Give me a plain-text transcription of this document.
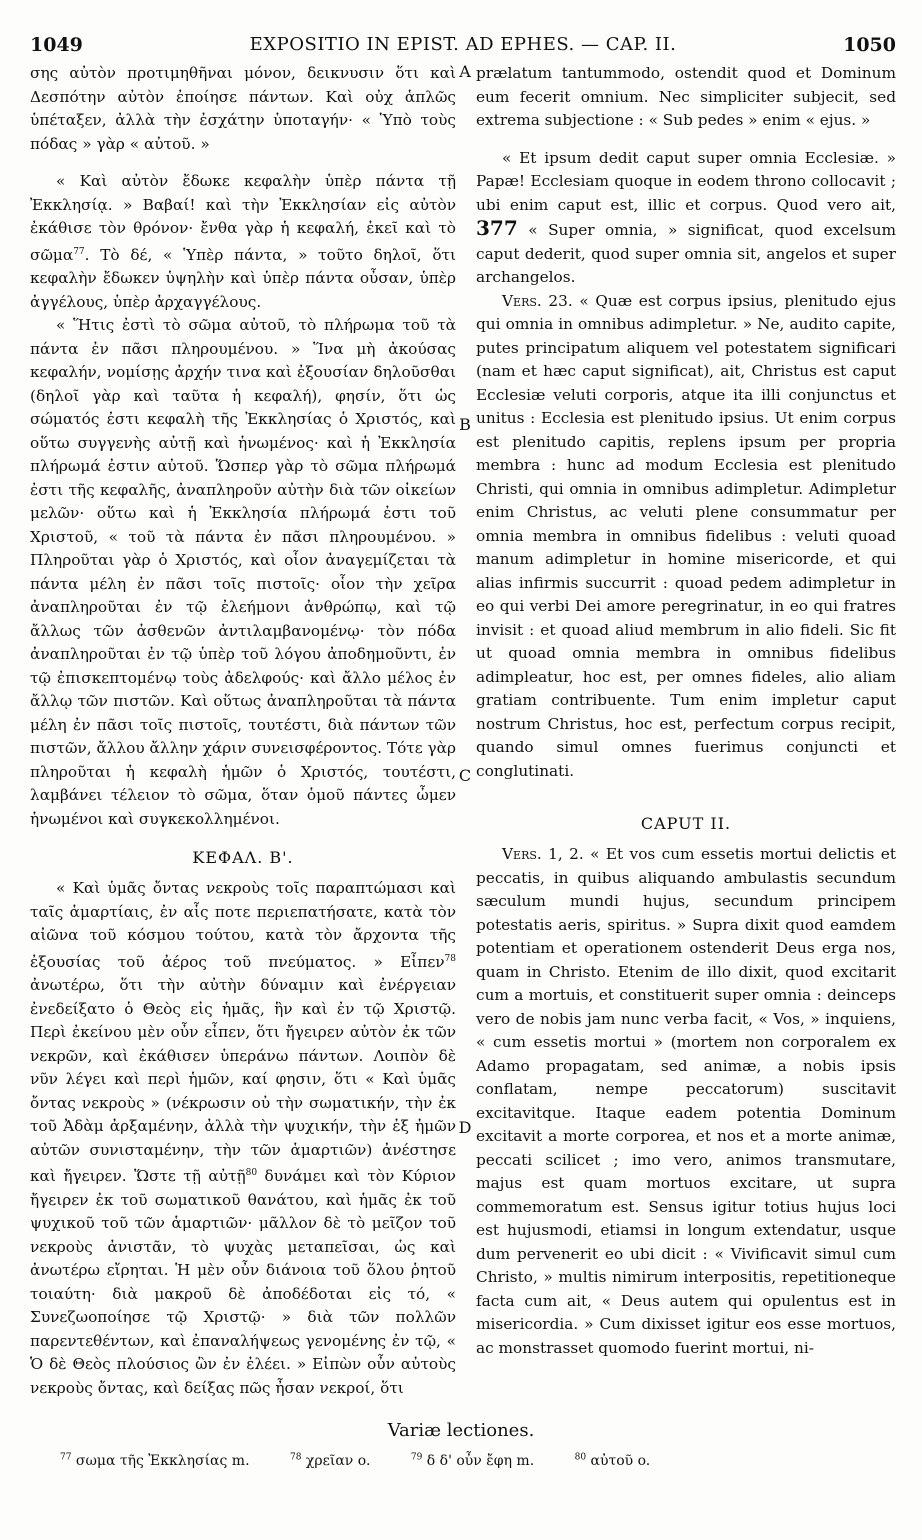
1049	EXPOSITIO IN EPIST. AD EPHES. — CAP. II.	1050
A
B
C
D

σης αὐτὸν προτιμηθῆναι μόνον, δεικνυσιν ὅτι καὶ Δεσπότην αὐτὸν ἐποίησε πάντων. Καὶ οὐχ ἁπλῶς ὑπέταξεν, ἀλλὰ τὴν ἐσχάτην ὑποταγήν· « Ὑπὸ τοὺς πόδας » γὰρ « αὐτοῦ. »

« Καὶ αὐτὸν ἔδωκε κεφαλὴν ὑπὲρ πάντα τῇ Ἐκκλησίᾳ. » Βαβαί! καὶ τὴν Ἐκκλησίαν εἰς αὐτὸν ἐκάθισε τὸν θρόνον· ἔνθα γὰρ ἡ κεφαλή, ἐκεῖ καὶ τὸ σῶμα$^{77}$. Τὸ δέ, « Ὑπὲρ πάντα, » τοῦτο δηλοῖ, ὅτι κεφαλὴν ἔδωκεν ὑψηλὴν καὶ ὑπὲρ πάντα οὖσαν, ὑπὲρ ἀγγέλους, ὑπὲρ ἀρχαγγέλους.

« Ἥτις ἐστὶ τὸ σῶμα αὐτοῦ, τὸ πλήρωμα τοῦ τὰ πάντα ἐν πᾶσι πληρουμένου. » Ἵνα μὴ ἀκούσας κεφαλήν, νομίσῃς ἀρχήν τινα καὶ ἐξουσίαν δηλοῦσθαι (δηλοῖ γὰρ καὶ ταῦτα ἡ κεφαλή), φησίν, ὅτι ὡς σώματός ἐστι κεφαλὴ τῆς Ἐκκλησίας ὁ Χριστός, καὶ οὕτω συγγενὴς αὐτῇ καὶ ἡνωμένος· καὶ ἡ Ἐκκλησία πλήρωμά ἐστιν αὐτοῦ. Ὥσπερ γὰρ τὸ σῶμα πλήρωμά ἐστι τῆς κεφαλῆς, ἀναπληροῦν αὐτὴν διὰ τῶν οἰκείων μελῶν· οὕτω καὶ ἡ Ἐκκλησία πλήρωμά ἐστι τοῦ Χριστοῦ, « τοῦ τὰ πάντα ἐν πᾶσι πληρουμένου. » Πληροῦται γὰρ ὁ Χριστός, καὶ οἷον ἀναγεμίζεται τὰ πάντα μέλη ἐν πᾶσι τοῖς πιστοῖς· οἷον τὴν χεῖρα ἀναπληροῦται ἐν τῷ ἐλεήμονι ἀνθρώπῳ, καὶ τῷ ἄλλως τῶν ἀσθενῶν ἀντιλαμβανομένῳ· τὸν πόδα ἀναπληροῦται ἐν τῷ ὑπὲρ τοῦ λόγου ἀποδημοῦντι, ἐν τῷ ἐπισκεπτομένῳ τοὺς ἀδελφούς· καὶ ἄλλο μέλος ἐν ἄλλῳ τῶν πιστῶν. Καὶ οὕτως ἀναπληροῦται τὰ πάντα μέλη ἐν πᾶσι τοῖς πιστοῖς, τουτέστι, διὰ πάντων τῶν πιστῶν, ἄλλου ἄλλην χάριν συνεισφέροντος. Τότε γὰρ πληροῦται ἡ κεφαλὴ ἡμῶν ὁ Χριστός, τουτέστι, λαμβάνει τέλειον τὸ σῶμα, ὅταν ὁμοῦ πάντες ὦμεν ἡνωμένοι καὶ συγκεκολλημένοι.

ΚΕΦΑΛ. Β'.

« Καὶ ὑμᾶς ὄντας νεκροὺς τοῖς παραπτώμασι καὶ ταῖς ἁμαρτίαις, ἐν αἷς ποτε περιεπατήσατε, κατὰ τὸν αἰῶνα τοῦ κόσμου τούτου, κατὰ τὸν ἄρχοντα τῆς ἐξουσίας τοῦ ἀέρος τοῦ πνεύματος. » Εἶπεν$^{78}$ ἀνωτέρω, ὅτι τὴν αὐτὴν δύναμιν καὶ ἐνέργειαν ἐνεδείξατο ὁ Θεὸς εἰς ἡμᾶς, ἣν καὶ ἐν τῷ Χριστῷ. Περὶ ἐκείνου μὲν οὖν εἶπεν, ὅτι ἤγειρεν αὐτὸν ἐκ τῶν νεκρῶν, καὶ ἐκάθισεν ὑπεράνω πάντων. Λοιπὸν δὲ νῦν λέγει καὶ περὶ ἡμῶν, καί φησιν, ὅτι « Καὶ ὑμᾶς ὄντας νεκροὺς » (νέκρωσιν οὐ τὴν σωματικήν, τὴν ἐκ τοῦ Ἀδὰμ ἀρξαμένην, ἀλλὰ τὴν ψυχικήν, τὴν ἐξ ἡμῶν αὐτῶν συνισταμένην, τὴν τῶν ἁμαρτιῶν) ἀνέστησε καὶ ἤγειρεν. Ὥστε τῇ αὐτῇ$^{80}$ δυνάμει καὶ τὸν Κύριον ἤγειρεν ἐκ τοῦ σωματικοῦ θανάτου, καὶ ἡμᾶς ἐκ τοῦ ψυχικοῦ τοῦ τῶν ἁμαρτιῶν· μᾶλλον δὲ τὸ μεῖζον τοῦ νεκροὺς ἀνιστᾶν, τὸ ψυχὰς μεταπεῖσαι, ὡς καὶ ἀνωτέρω εἴρηται. Ἡ μὲν οὖν διάνοια τοῦ ὅλου ῥητοῦ τοιαύτη· διὰ μακροῦ δὲ ἀποδέδοται εἰς τό, « Συνεζωοποίησε τῷ Χριστῷ· » διὰ τῶν πολλῶν παρεντεθέντων, καὶ ἐπαναλήψεως γενομένης ἐν τῷ, « Ὁ δὲ Θεὸς πλούσιος ὢν ἐν ἐλέει. » Εἰπὼν οὖν αὐτοὺς νεκροὺς ὄντας, καὶ δείξας πῶς ἦσαν νεκροί, ὅτι

prælatum tantummodo, ostendit quod et Dominum eum fecerit omnium. Nec simpliciter subjecit, sed extrema subjectione : « Sub pedes » enim « ejus. »

« Et ipsum dedit caput super omnia Ecclesiæ. » Papæ! Ecclesiam quoque in eodem throno collocavit ; ubi enim caput est, illic et corpus. Quod vero ait, 377 « Super omnia, » significat, quod excelsum caput dederit, quod super omnia sit, angelos et super archangelos.

Vers. 23. « Quæ est corpus ipsius, plenitudo ejus qui omnia in omnibus adimpletur. » Ne, audito capite, putes principatum aliquem vel potestatem significari (nam et hæc caput significat), ait, Christus est caput Ecclesiæ veluti corporis, atque ita illi conjunctus et unitus : Ecclesia est plenitudo ipsius. Ut enim corpus est plenitudo capitis, replens ipsum per propria membra : hunc ad modum Ecclesia est plenitudo Christi, qui omnia in omnibus adimpletur. Adimpletur enim Christus, ac veluti plene consummatur per omnia membra in omnibus fidelibus : veluti quoad manum adimpletur in homine misericorde, et qui alias infirmis succurrit : quoad pedem adimpletur in eo qui verbi Dei amore peregrinatur, in eo qui fratres invisit : et quoad aliud membrum in alio fideli. Sic fit ut quoad omnia membra in omnibus fidelibus adimpleatur, hoc est, per omnes fideles, alio aliam gratiam contribuente. Tum enim impletur caput nostrum Christus, hoc est, perfectum corpus recipit, quando simul omnes fuerimus conjuncti et conglutinati.

CAPUT II.

Vers. 1, 2. « Et vos cum essetis mortui delictis et peccatis, in quibus aliquando ambulastis secundum sæculum mundi hujus, secundum principem potestatis aeris, spiritus. » Supra dixit quod eamdem potentiam et operationem ostenderit Deus erga nos, quam in Christo. Etenim de illo dixit, quod excitarit cum a mortuis, et constituerit super omnia : deinceps vero de nobis jam nunc verba facit, « Vos, » inquiens, « cum essetis mortui » (mortem non corporalem ex Adamo propagatam, sed animæ, a nobis ipsis conflatam, nempe peccatorum) suscitavit excitavitque. Itaque eadem potentia Dominum excitavit a morte corporea, et nos et a morte animæ, peccati scilicet ; imo vero, animos transmutare, majus est quam mortuos excitare, ut supra commemoratum est. Sensus igitur totius hujus loci est hujusmodi, etiamsi in longum extendatur, usque dum pervenerit eo ubi dicit : « Vivificavit simul cum Christo, » multis nimirum interpositis, repetitioneque facta cum ait, « Deus autem qui opulentus est in misericordia. » Cum dixisset igitur eos esse mortuos, ac monstrasset quomodo fuerint mortui, ni-

Variæ lectiones.
$^{77}$ σωμα τῆς Ἐκκλησίας m.	$^{78}$ χρεῖαν o.	$^{79}$ δ δ' οὖν ἔφη m.	$^{80}$ αὐτοῦ o.
